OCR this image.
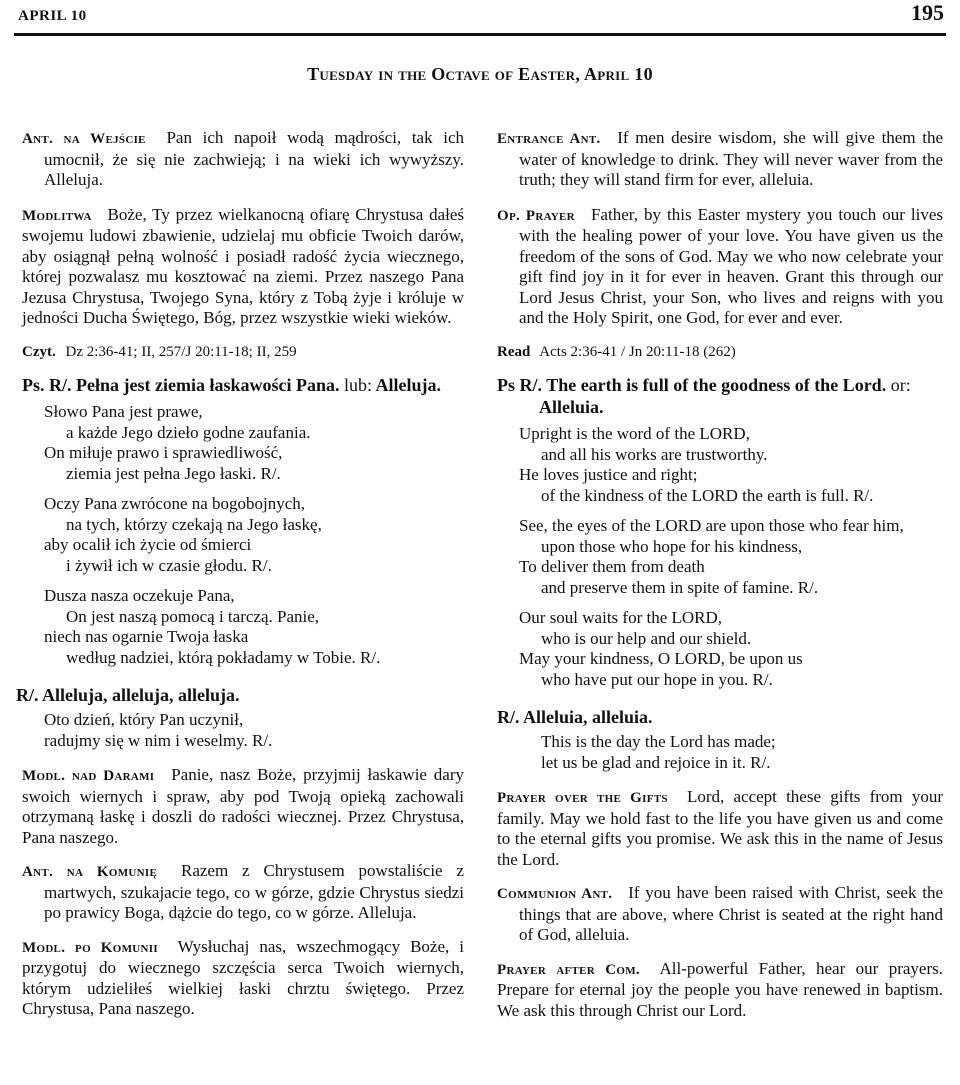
APRIL 10	195
Tuesday in the Octave of Easter, April 10
Ant. na Wejście Pan ich napoił wodą mądrości, tak ich umocnił, że się nie zachwieją; i na wieki ich wywyższy. Alleluja.
Modlitwa Boże, Ty przez wielkanocną ofiarę Chrystusa dałeś swojemu ludowi zbawienie, udzielaj mu obficie Twoich darów, aby osiągnął pełną wolność i posiadł radość życia wiecznego, której pozwalasz mu kosztować na ziemi. Przez naszego Pana Jezusa Chrystusa, Twojego Syna, który z Tobą żyje i króluje w jedności Ducha Świętego, Bóg, przez wszystkie wieki wieków.
Czyt. Dz 2:36-41; II, 257/J 20:11-18; II, 259
Ps. R/. Pełna jest ziemia łaskawości Pana. lub: Alleluja.
Słowo Pana jest prawe,
a każde Jego dzieło godne zaufania.
On miłuje prawo i sprawiedliwość,
ziemia jest pełna Jego łaski. R/.
Oczy Pana zwrócone na bogobojnych,
na tych, którzy czekają na Jego łaskę,
aby ocalił ich życie od śmierci
i żywił ich w czasie głodu. R/.
Dusza nasza oczekuje Pana,
On jest naszą pomocą i tarczą. Panie,
niech nas ogarnie Twoja łaska
według nadziei, którą pokładamy w Tobie. R/.
R/. Alleluja, alleluja, alleluja.
Oto dzień, który Pan uczynił,
radujmy się w nim i weselmy. R/.
Modl. nad Darami Panie, nasz Boże, przyjmij łaskawie dary swoich wiernych i spraw, aby pod Twoją opieką zachowali otrzymaną łaskę i doszli do radości wiecznej. Przez Chrystusa, Pana naszego.
Ant. na Komunię Razem z Chrystusem powstaliście z martwych, szukajacie tego, co w górze, gdzie Chrystus siedzi po prawicy Boga, dążcie do tego, co w górze. Alleluja.
Modl. po Komunii Wysłuchaj nas, wszechmogący Boże, i przygotuj do wiecznego szczęścia serca Twoich wiernych, którym udzieliłeś wielkiej łaski chrztu świętego. Przez Chrystusa, Pana naszego.
Entrance Ant. If men desire wisdom, she will give them the water of knowledge to drink. They will never waver from the truth; they will stand firm for ever, alleluia.
Op. Prayer Father, by this Easter mystery you touch our lives with the healing power of your love. You have given us the freedom of the sons of God. May we who now celebrate your gift find joy in it for ever in heaven. Grant this through our Lord Jesus Christ, your Son, who lives and reigns with you and the Holy Spirit, one God, for ever and ever.
Read Acts 2:36-41 / Jn 20:11-18 (262)
Ps R/. The earth is full of the goodness of the Lord. or: Alleluia.
Upright is the word of the LORD,
and all his works are trustworthy.
He loves justice and right;
of the kindness of the LORD the earth is full. R/.
See, the eyes of the LORD are upon those who fear him,
upon those who hope for his kindness,
To deliver them from death
and preserve them in spite of famine. R/.
Our soul waits for the LORD,
who is our help and our shield.
May your kindness, O LORD, be upon us
who have put our hope in you. R/.
R/. Alleluia, alleluia.
This is the day the Lord has made;
let us be glad and rejoice in it. R/.
Prayer over the Gifts Lord, accept these gifts from your family. May we hold fast to the life you have given us and come to the eternal gifts you promise. We ask this in the name of Jesus the Lord.
Communion Ant. If you have been raised with Christ, seek the things that are above, where Christ is seated at the right hand of God, alleluia.
Prayer after Com. All-powerful Father, hear our prayers. Prepare for eternal joy the people you have renewed in baptism. We ask this through Christ our Lord.
